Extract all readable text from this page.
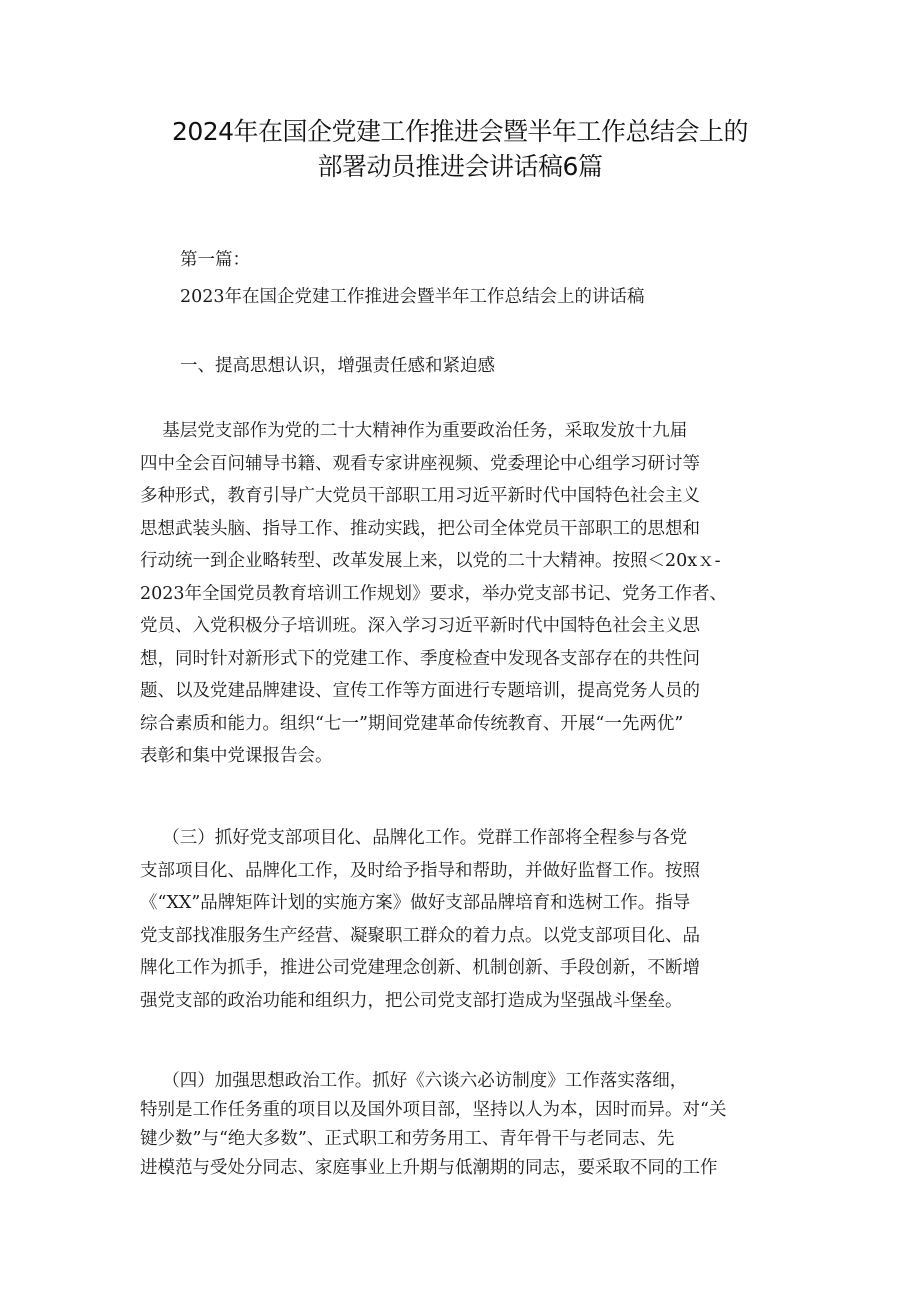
2024年在国企党建工作推进会暨半年工作总结会上的
部署动员推进会讲话稿6篇
第一篇：
2023年在国企党建工作推进会暨半年工作总结会上的讲话稿
一、提高思想认识，增强责任感和紧迫感
基层党支部作为党的二十大精神作为重要政治任务，采取发放十九届
四中全会百问辅导书籍、观看专家讲座视频、党委理论中心组学习研讨等
多种形式，教育引导广大党员干部职工用习近平新时代中国特色社会主义
思想武装头脑、指导工作、推动实践，把公司全体党员干部职工的思想和
行动统一到企业略转型、改革发展上来，以党的二十大精神。按照＜20xｘ-
2023年全国党员教育培训工作规划》要求，举办党支部书记、党务工作者、
党员、入党积极分子培训班。深入学习习近平新时代中国特色社会主义思
想，同时针对新形式下的党建工作、季度检查中发现各支部存在的共性问
题、以及党建品牌建设、宣传工作等方面进行专题培训，提高党务人员的
综合素质和能力。组织“七一”期间党建革命传统教育、开展“一先两优”
表彰和集中党课报告会。
（三）抓好党支部项目化、品牌化工作。党群工作部将全程参与各党
支部项目化、品牌化工作，及时给予指导和帮助，并做好监督工作。按照
《“XX”品牌矩阵计划的实施方案》做好支部品牌培育和选树工作。指导
党支部找准服务生产经营、凝聚职工群众的着力点。以党支部项目化、品
牌化工作为抓手，推进公司党建理念创新、机制创新、手段创新，不断增
强党支部的政治功能和组织力，把公司党支部打造成为坚强战斗堡垒。
（四）加强思想政治工作。抓好《六谈六必访制度》工作落实落细，
特别是工作任务重的项目以及国外项目部，坚持以人为本，因时而异。对“关
键少数”与“绝大多数”、正式职工和劳务用工、青年骨干与老同志、先
进模范与受处分同志、家庭事业上升期与低潮期的同志，要采取不同的工作
